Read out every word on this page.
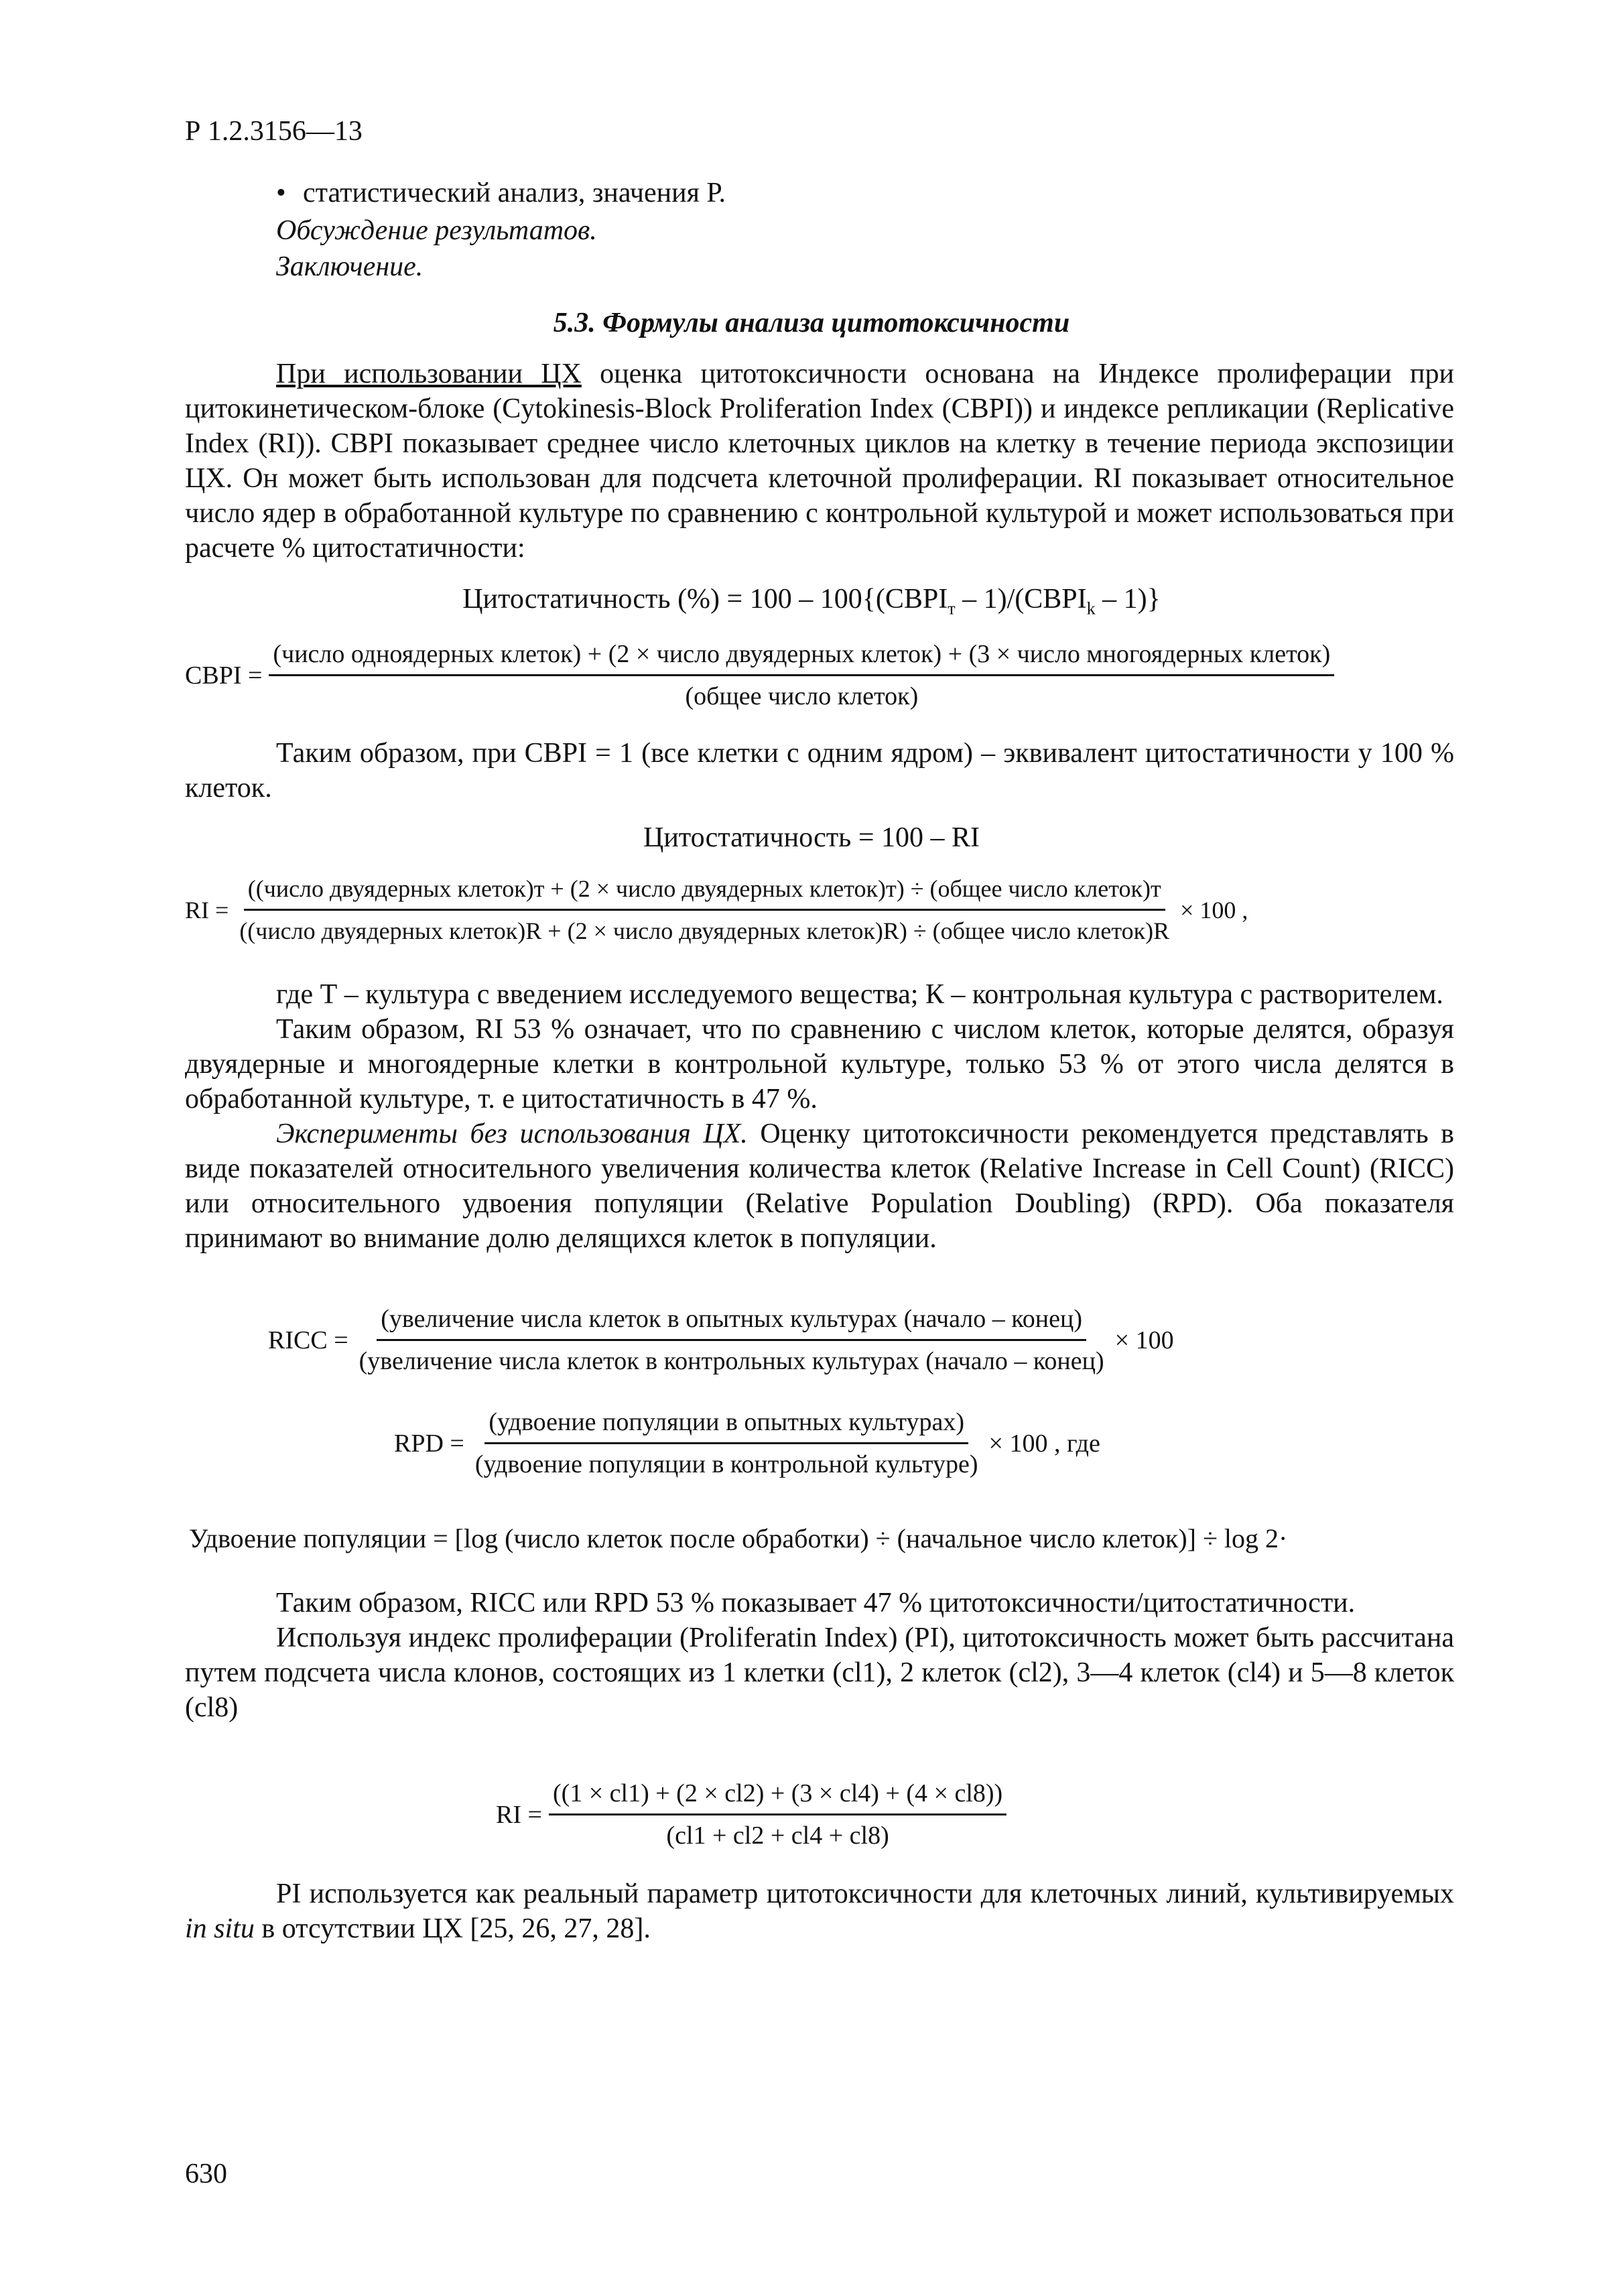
Р 1.2.3156—13
• статистический анализ, значения Р.
Обсуждение результатов.
Заключение.
5.3. Формулы анализа цитотоксичности

При использовании ЦХ оценка цитотоксичности основана на Индексе пролиферации при цитокинетическом-блоке (Cytokinesis-Block Proliferation Index (CBPI)) и индексе репликации (Replicative Index (RI)). CBPI показывает среднее число клеточных циклов на клетку в течение периода экспозиции ЦХ. Он может быть использован для подсчета клеточной пролиферации. RI показывает относительное число ядер в обработанной культуре по сравнению с контрольной культурой и может использоваться при расчете % цитостатичности:

Цитостатичность (%) = $100 - 100\{(CBPI_т$ – $1)/(CBPI_k - 1)$}
CBPI =
(число одноядерных клеток) + (2 × число двуядерных клеток) + (3 × число многоядерных клеток)
(общее число клеток)

Таким образом, при CBPI = 1 (все клетки с одним ядром) – эквивалент цитостатичности у 100 % клеток.

Цитостатичность = 100 – RI
RI =
((число двуядерных клеток)т + (2 × число двуядерных клеток)т) ÷ (общее число клеток)т
((число двуядерных клеток)R + (2 × число двуядерных клеток)R) ÷ (общее число клеток)R
× 100 ,

где Т – культура с введением исследуемого вещества; К – контрольная культура с растворителем.

Таким образом, RI 53 % означает, что по сравнению с числом клеток, которые делятся, образуя двуядерные и многоядерные клетки в контрольной культуре, только 53 % от этого числа делятся в обработанной культуре, т. е цитостатичность в 47 %.

Эксперименты без использования ЦХ. Оценку цитотоксичности рекомендуется представлять в виде показателей относительного увеличения количества клеток (Relative Increase in Cell Count) (RICC) или относительного удвоения популяции (Relative Population Doubling) (RPD). Оба показателя принимают во внимание долю делящихся клеток в популяции.

RICC =
(увеличение числа клеток в опытных культурах (начало – конец)
(увеличение числа клеток в контрольных культурах (начало – конец)
× 100
RPD = $\frac{\text{(удвоение популяции в опытных культурах)}}{\text{(удвоение популяции в контрольной культуре)}} \times 100$ , где
Удвоение популяции = [log (число клеток после обработки) ÷ (начальное число клеток)] ÷ log 2·

Таким образом, RICC или RPD 53 % показывает 47 % цитотоксичности/цитостатичности.

Используя индекс пролиферации (Proliferatin Index) (PI), цитотоксичность может быть рассчитана путем подсчета числа клонов, состоящих из 1 клетки (cl1), 2 клеток (cl2), 3—4 клеток (cl4) и 5—8 клеток (cl8)

RI = $\frac{((1 \times cl1) + (2 \times cl2) + (3 \times cl4) + (4 \times cl8))}{(cl1 + cl2 + cl4 + cl8)}$

PI используется как реальный параметр цитотоксичности для клеточных линий, культивируемых in situ в отсутствии ЦХ [25, 26, 27, 28].

630
